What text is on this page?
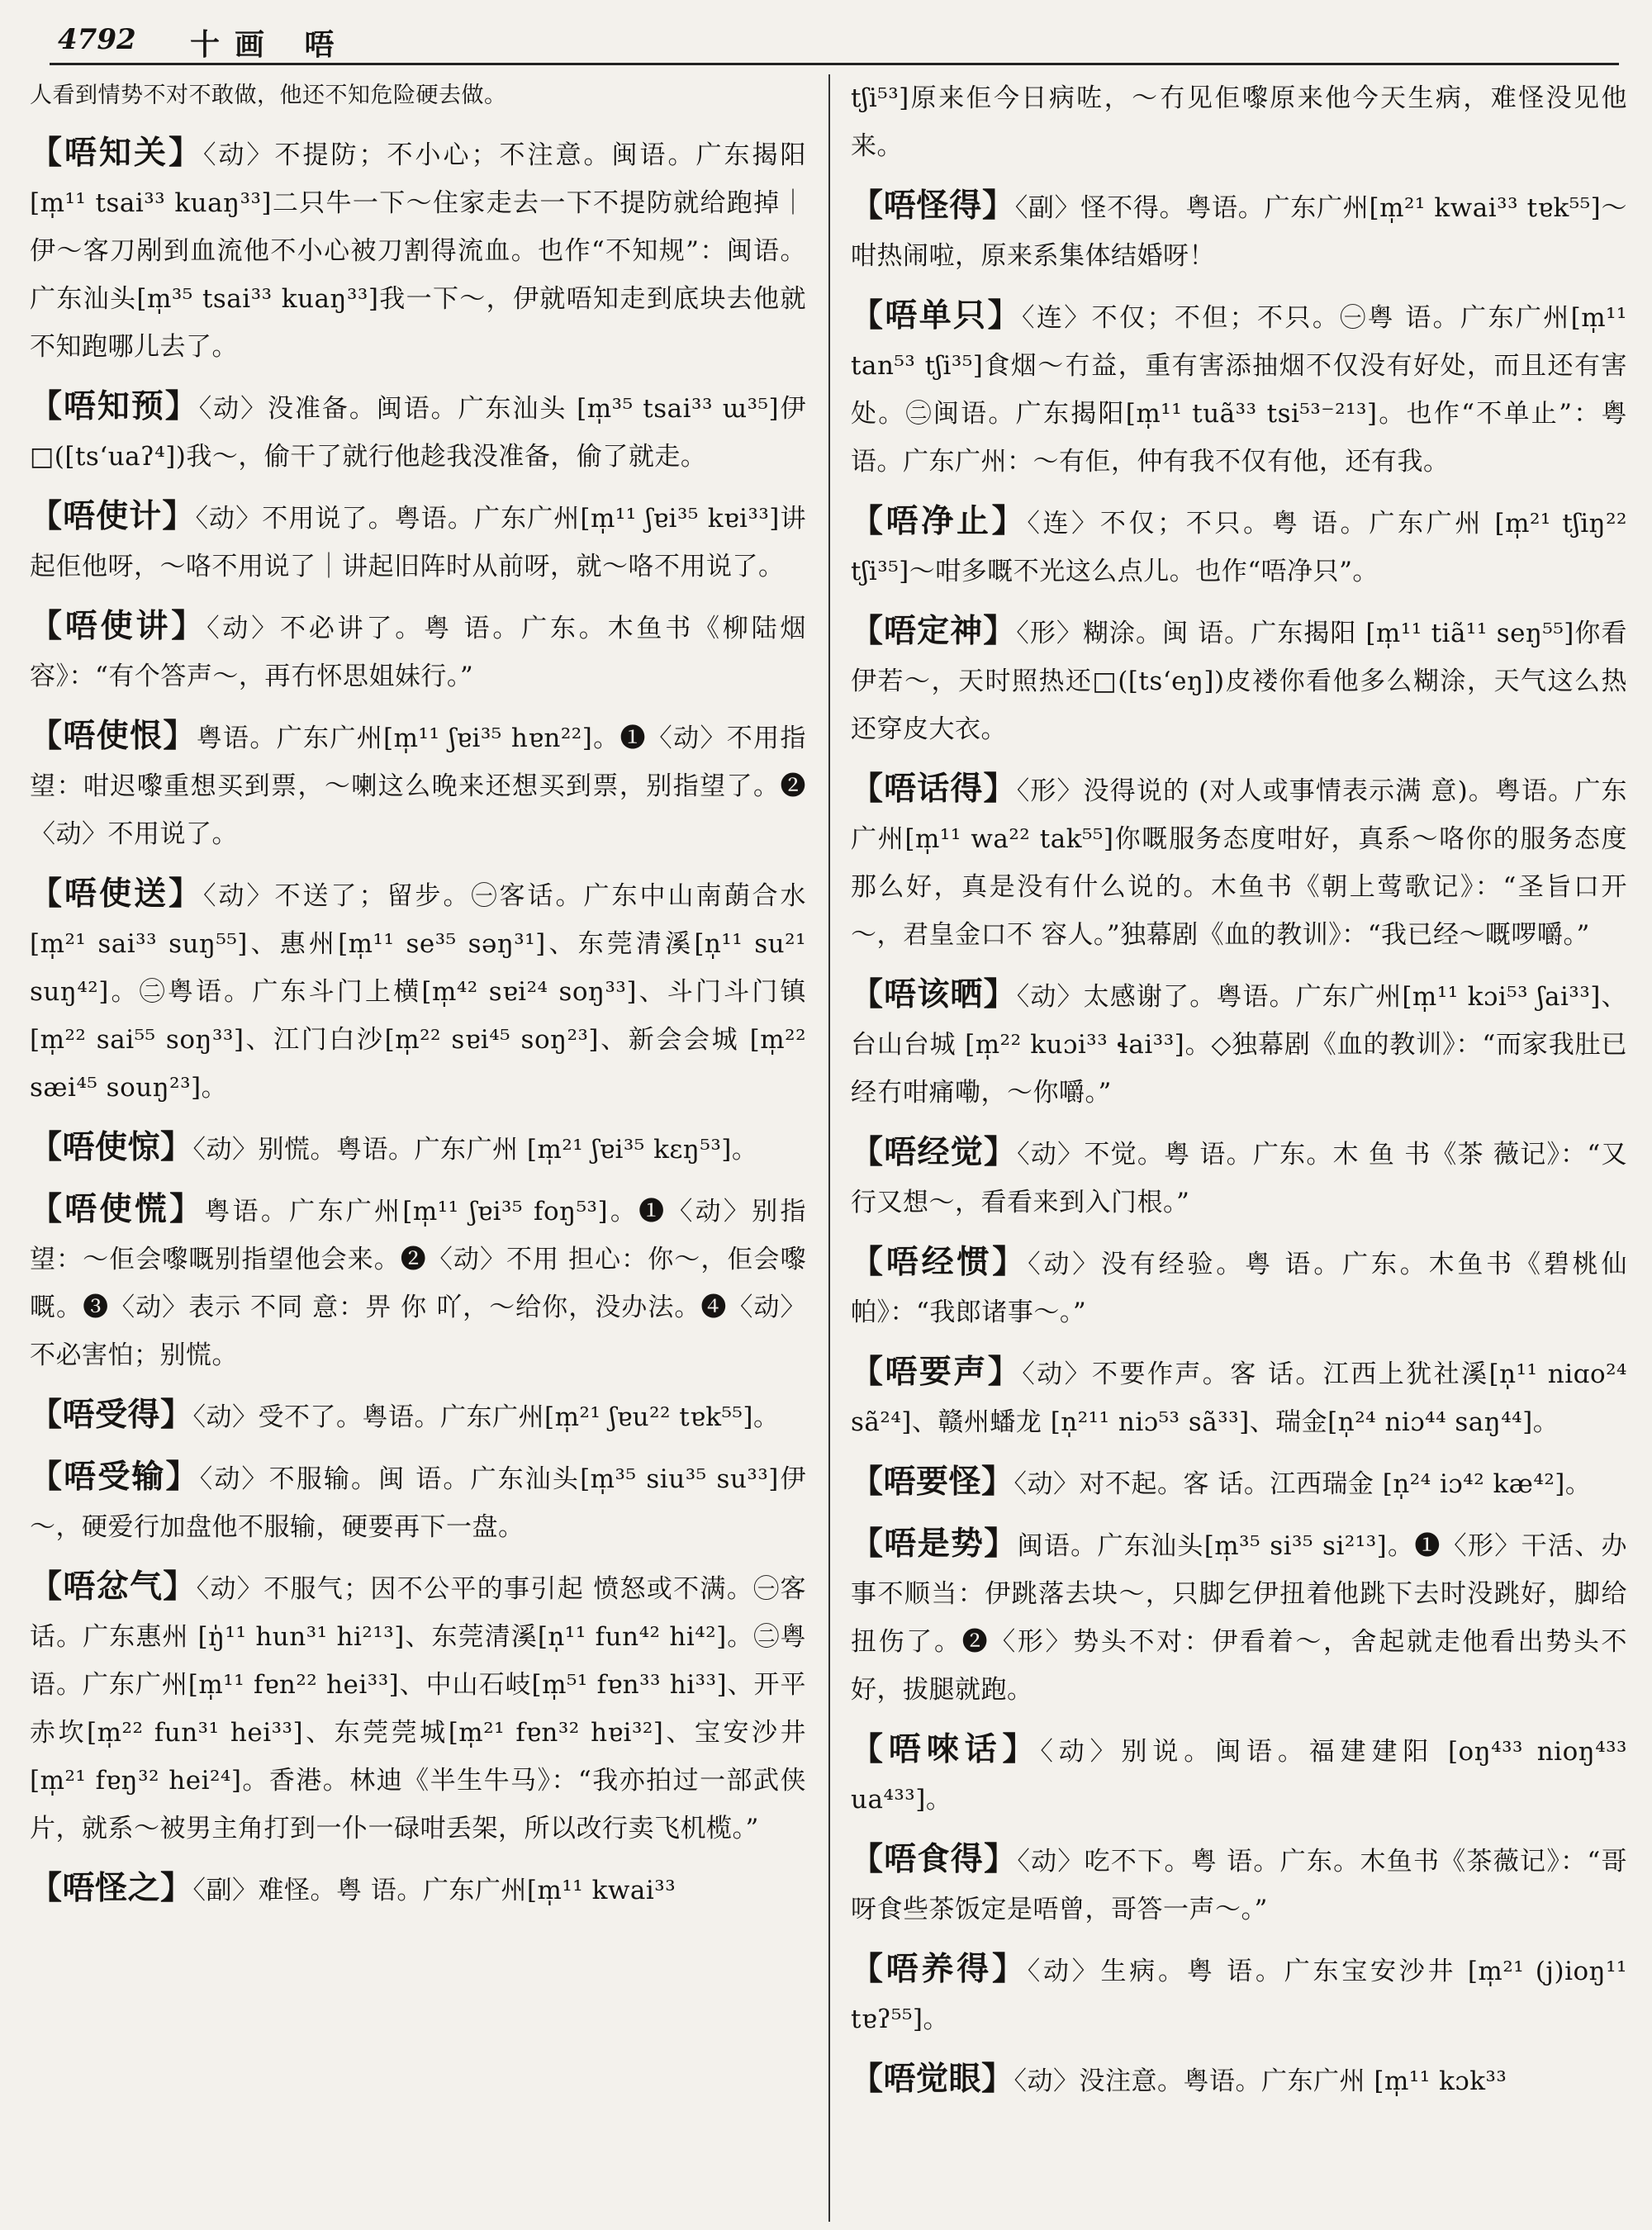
4792 十画 唔
人看到情势不对不敢做，他还不知危险硬去做。
【唔知关】〈动〉不提防；不小心；不注意。闽语。广东揭阳[m̩¹¹ tsai³³ kuaŋ³³]二只牛一下～住家走去一下不提防就给跑掉｜伊～客刀剐到血流他不小心被刀割得流血。也作“不知规”：闽语。广东汕头[m̩³⁵ tsai³³ kuaŋ³³]我一下～，伊就唔知走到底块去他就不知跑哪儿去了。
【唔知预】〈动〉没准备。闽语。广东汕头 [m̩³⁵ tsai³³ ɯ³⁵]伊□([ts‘uaʔ⁴])我～，偷干了就行他趁我没准备，偷了就走。
【唔使计】〈动〉不用说了。粤语。广东广州[m̩¹¹ ʃɐi³⁵ kɐi³³]讲起佢他呀，～咯不用说了｜讲起旧阵时从前呀，就～咯不用说了。
【唔使讲】〈动〉不必讲了。粤 语。广东。木鱼书《柳陆烟容》：“有个答声～，再冇怀思姐妹行。”
【唔使恨】粤语。广东广州[m̩¹¹ ʃɐi³⁵ hɐn²²]。❶〈动〉不用指望：咁迟嚟重想买到票，～喇这么晚来还想买到票，别指望了。❷〈动〉不用说了。
【唔使送】〈动〉不送了；留步。㊀客话。广东中山南蓢合水[m̩²¹ sai³³ suŋ⁵⁵]、惠州[m̩¹¹ se³⁵ səŋ³¹]、东莞清溪[n̩¹¹ su²¹ suŋ⁴²]。㊁粤语。广东斗门上横[m̩⁴² sɐi²⁴ soŋ³³]、斗门斗门镇[m̩²² sai⁵⁵ soŋ³³]、江门白沙[m̩²² sɐi⁴⁵ soŋ²³]、新会会城 [m̩²² sæi⁴⁵ souŋ²³]。
【唔使惊】〈动〉别慌。粤语。广东广州 [m̩²¹ ʃɐi³⁵ kɛŋ⁵³]。
【唔使慌】粤语。广东广州[m̩¹¹ ʃɐi³⁵ foŋ⁵³]。❶〈动〉别指望：～佢会嚟嘅别指望他会来。❷〈动〉不用 担心：你～，佢会嚟嘅。❸〈动〉表示 不同 意：畀 你 吖，～给你，没办法。❹〈动〉不必害怕；别慌。
【唔受得】〈动〉受不了。粤语。广东广州[m̩²¹ ʃɐu²² tɐk⁵⁵]。
【唔受输】〈动〉不服输。闽 语。广东汕头[m̩³⁵ siu³⁵ su³³]伊～，硬爱行加盘他不服输，硬要再下一盘。
【唔忿气】〈动〉不服气；因不公平的事引起 愤怒或不满。㊀客话。广东惠州 [ŋ̍¹¹ hun³¹ hi²¹³]、东莞清溪[n̩¹¹ fun⁴² hi⁴²]。㊁粤语。广东广州[m̩¹¹ fɐn²² hei³³]、中山石岐[m̩⁵¹ fɐn³³ hi³³]、开平赤坎[m̩²² fun³¹ hei³³]、东莞莞城[m̩²¹ fɐn³² hɐi³²]、宝安沙井[m̩²¹ fɐŋ³² hei²⁴]。香港。林迪《半生牛马》：“我亦拍过一部武侠片，就系～被男主角打到一仆一碌咁丢架，所以改行卖飞机榄。”
【唔怪之】〈副〉难怪。粤 语。广东广州[m̩¹¹ kwai³³
tʃi⁵³]原来佢今日病咗，～冇见佢嚟原来他今天生病，难怪没见他来。
【唔怪得】〈副〉怪不得。粤语。广东广州[m̩²¹ kwai³³ tɐk⁵⁵]～咁热闹啦，原来系集体结婚呀！
【唔单只】〈连〉不仅；不但；不只。㊀粤 语。广东广州[m̩¹¹ tan⁵³ tʃi³⁵]食烟～冇益，重有害添抽烟不仅没有好处，而且还有害处。㊁闽语。广东揭阳[m̩¹¹ tuã³³ tsi⁵³⁻²¹³]。也作“不单止”：粤语。广东广州：～有佢，仲有我不仅有他，还有我。
【唔净止】〈连〉不仅；不只。粤 语。广东广州 [m̩²¹ tʃiŋ²² tʃi³⁵]～咁多嘅不光这么点儿。也作“唔净只”。
【唔定神】〈形〉糊涂。闽 语。广东揭阳 [m̩¹¹ tiã¹¹ seŋ⁵⁵]你看伊若～，天时照热还□([ts‘eŋ])皮褛你看他多么糊涂，天气这么热还穿皮大衣。
【唔话得】〈形〉没得说的 (对人或事情表示满 意)。粤语。广东广州[m̩¹¹ wa²² tak⁵⁵]你嘅服务态度咁好，真系～咯你的服务态度那么好，真是没有什么说的。木鱼书《朝上莺歌记》：“圣旨口开～，君皇金口不 容人。”独幕剧《血的教训》：“我已经～嘅啰嚼。”
【唔该晒】〈动〉太感谢了。粤语。广东广州[m̩¹¹ kɔi⁵³ ʃai³³]、台山台城 [m̩²² kuɔi³³ ɬai³³]。◇独幕剧《血的教训》：“而家我肚已经冇咁痛嘞，～你嚼。”
【唔经觉】〈动〉不觉。粤 语。广东。木 鱼 书《茶 薇记》：“又行又想～，看看来到入门根。”
【唔经惯】〈动〉没有经验。粤 语。广东。木鱼书《碧桃仙帕》：“我郎诸事～。”
【唔要声】〈动〉不要作声。客 话。江西上犹社溪[n̩¹¹ niɑo²⁴ sã²⁴]、赣州蟠龙 [n̩²¹¹ niɔ⁵³ sã³³]、瑞金[n̩²⁴ niɔ⁴⁴ saŋ⁴⁴]。
【唔要怪】〈动〉对不起。客 话。江西瑞金 [n̩²⁴ iɔ⁴² kæ⁴²]。
【唔是势】闽语。广东汕头[m̩³⁵ si³⁵ si²¹³]。❶〈形〉干活、办事不顺当：伊跳落去块～，只脚乞伊扭着他跳下去时没跳好，脚给扭伤了。❷〈形〉势头不对：伊看着～，舍起就走他看出势头不好，拔腿就跑。
【唔唻话】〈动〉别说。闽语。福建建阳 [oŋ⁴³³ nioŋ⁴³³ ua⁴³³]。
【唔食得】〈动〉吃不下。粤 语。广东。木鱼书《茶薇记》：“哥呀食些茶饭定是唔曾，哥答一声～。”
【唔养得】〈动〉生病。粤 语。广东宝安沙井 [m̩²¹ (j)ioŋ¹¹ tɐʔ⁵⁵]。
【唔觉眼】〈动〉没注意。粤语。广东广州 [m̩¹¹ kɔk³³
